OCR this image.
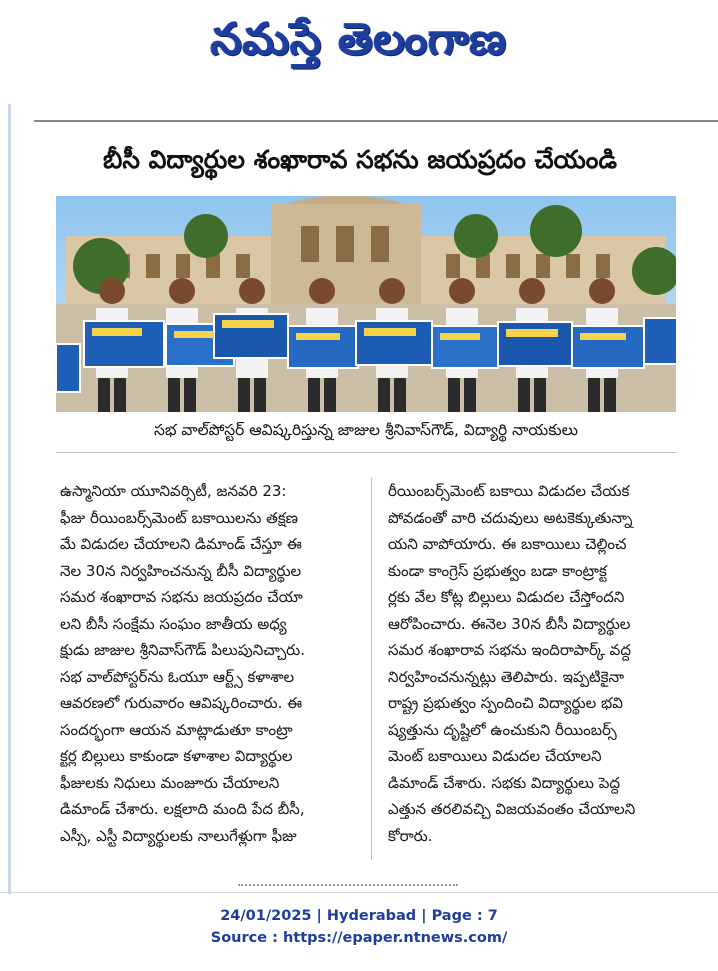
నమస్తే తెలంగాణ
బీసీ విద్యార్థుల శంఖారావ సభను జయప్రదం చేయండి
సభ వాల్‌పోస్టర్ ఆవిష్కరిస్తున్న జాజుల శ్రీనివాస్‌గౌడ్, విద్యార్థి నాయకులు

ఉస్మానియా యూనివర్సిటీ, జనవరి 23:

ఫీజు రీయింబర్స్‌మెంట్ బకాయిలను తక్షణ

మే విడుదల చేయాలని డిమాండ్ చేస్తూ ఈ

నెల 30న నిర్వహించనున్న బీసీ విద్యార్థుల

సమర శంఖారావ సభను జయప్రదం చేయా

లని బీసీ సంక్షేమ సంఘం జాతీయ అధ్య

క్షుడు జాజుల శ్రీనివాస్‌గౌడ్ పిలుపునిచ్చారు.

సభ వాల్‌పోస్టర్‌ను ఓయూ ఆర్ట్స్ కళాశాల

ఆవరణలో గురువారం ఆవిష్కరించారు. ఈ

సందర్భంగా ఆయన మాట్లాడుతూ కాంట్రా

క్టర్ల బిల్లులు కాకుండా కళాశాల విద్యార్థుల

ఫీజులకు నిధులు మంజూరు చేయాలని

డిమాండ్ చేశారు. లక్షలాది మంది పేద బీసీ,

ఎస్సీ, ఎస్టీ విద్యార్థులకు నాలుగేళ్లుగా ఫీజు

రీయింబర్స్‌మెంట్ బకాయి విడుదల చేయక

పోవడంతో వారి చదువులు అటకెక్కుతున్నా

యని వాపోయారు. ఈ బకాయిలు చెల్లించ

కుండా కాంగ్రెస్ ప్రభుత్వం బడా కాంట్రాక్ట

ర్లకు వేల కోట్ల బిల్లులు విడుదల చేస్తోందని

ఆరోపించారు. ఈనెల 30న బీసీ విద్యార్థుల

సమర శంఖారావ సభను ఇందిరాపార్క్ వద్ద

నిర్వహించనున్నట్లు తెలిపారు. ఇప్పటికైనా

రాష్ట్ర ప్రభుత్వం స్పందించి విద్యార్థుల భవి

ష్యత్తును దృష్టిలో ఉంచుకుని రీయింబర్స్

మెంట్ బకాయిలు విడుదల చేయాలని

డిమాండ్ చేశారు. సభకు విద్యార్థులు పెద్ద

ఎత్తున తరలివచ్చి విజయవంతం చేయాలని

కోరారు.

24/01/2025 | Hyderabad | Page : 7
Source : https://epaper.ntnews.com/
